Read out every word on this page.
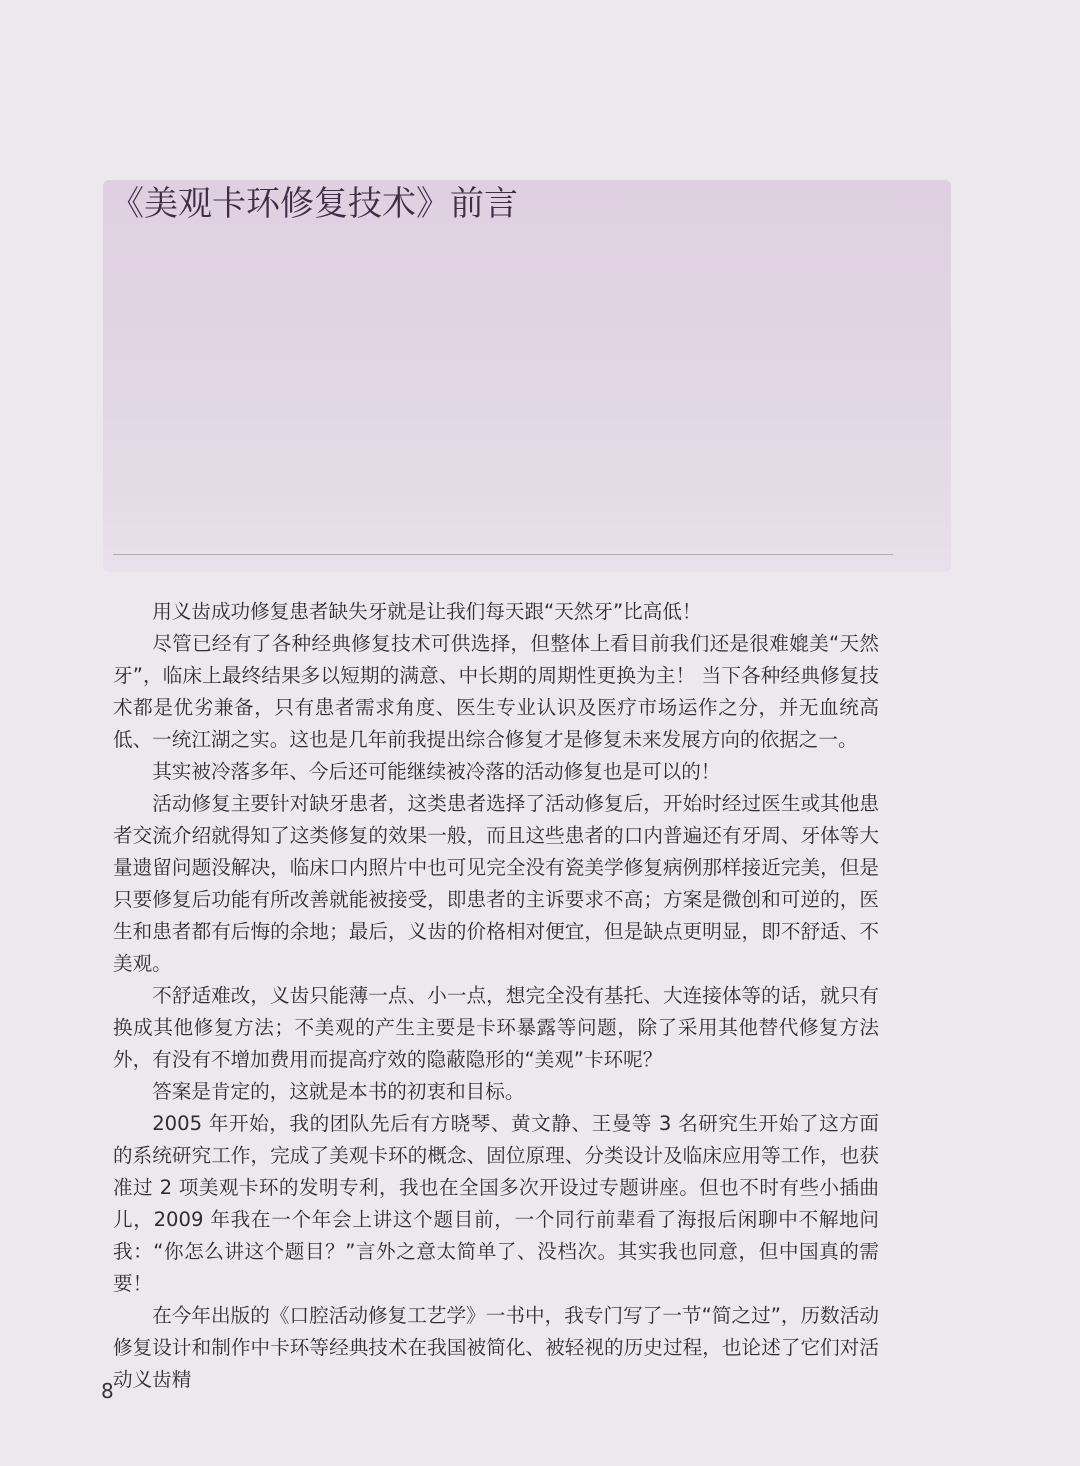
《美观卡环修复技术》前言

用义齿成功修复患者缺失牙就是让我们每天跟“天然牙”比高低！

尽管已经有了各种经典修复技术可供选择，但整体上看目前我们还是很难媲美“天然牙”，临床上最终结果多以短期的满意、中长期的周期性更换为主！ 当下各种经典修复技术都是优劣兼备，只有患者需求角度、医生专业认识及医疗市场运作之分，并无血统高低、一统江湖之实。这也是几年前我提出综合修复才是修复未来发展方向的依据之一。

其实被冷落多年、今后还可能继续被冷落的活动修复也是可以的！

活动修复主要针对缺牙患者，这类患者选择了活动修复后，开始时经过医生或其他患者交流介绍就得知了这类修复的效果一般，而且这些患者的口内普遍还有牙周、牙体等大量遗留问题没解决，临床口内照片中也可见完全没有瓷美学修复病例那样接近完美，但是只要修复后功能有所改善就能被接受，即患者的主诉要求不高；方案是微创和可逆的，医生和患者都有后悔的余地；最后，义齿的价格相对便宜，但是缺点更明显，即不舒适、不美观。

不舒适难改，义齿只能薄一点、小一点，想完全没有基托、大连接体等的话，就只有换成其他修复方法；不美观的产生主要是卡环暴露等问题，除了采用其他替代修复方法外，有没有不增加费用而提高疗效的隐蔽隐形的“美观”卡环呢？

答案是肯定的，这就是本书的初衷和目标。

2005 年开始，我的团队先后有方晓琴、黄文静、王曼等 3 名研究生开始了这方面的系统研究工作，完成了美观卡环的概念、固位原理、分类设计及临床应用等工作，也获准过 2 项美观卡环的发明专利，我也在全国多次开设过专题讲座。但也不时有些小插曲儿，2009 年我在一个年会上讲这个题目前，一个同行前辈看了海报后闲聊中不解地问我：“你怎么讲这个题目？”言外之意太简单了、没档次。其实我也同意，但中国真的需要！

在今年出版的《口腔活动修复工艺学》一书中，我专门写了一节“简之过”，历数活动修复设计和制作中卡环等经典技术在我国被简化、被轻视的历史过程，也论述了它们对活动义齿精

8
